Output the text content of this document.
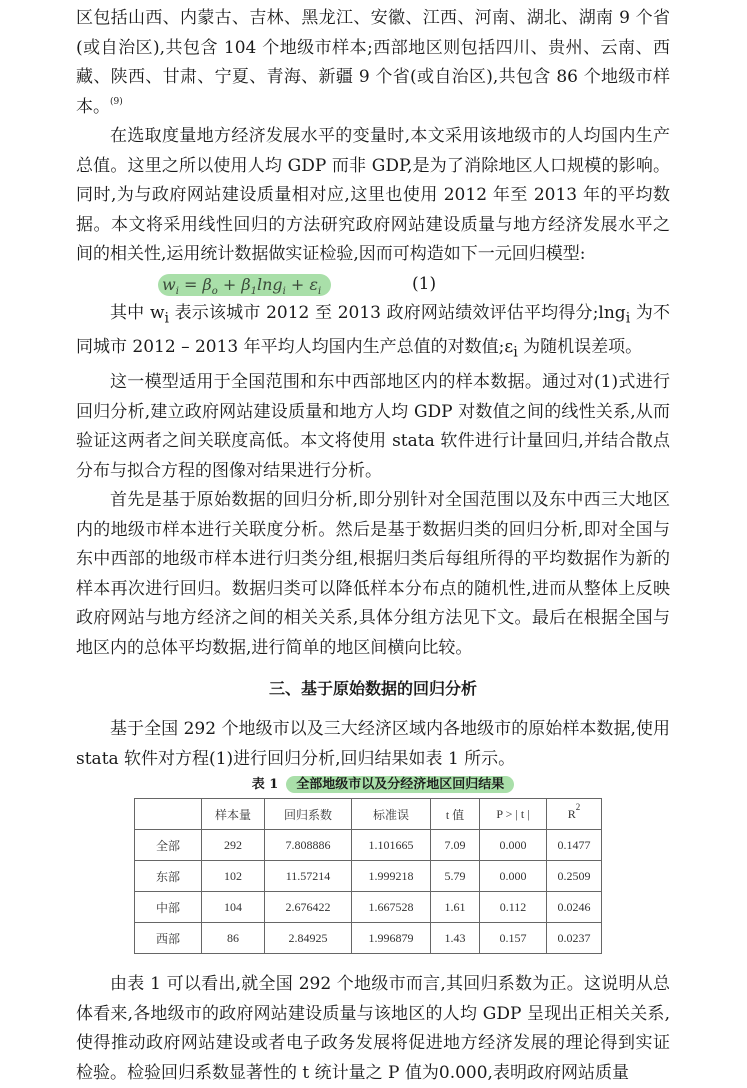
区包括山西、内蒙古、吉林、黑龙江、安徽、江西、河南、湖北、湖南 9 个省(或自治区),共包含 104 个地级市样本;西部地区则包括四川、贵州、云南、西藏、陕西、甘肃、宁夏、青海、新疆 9 个省(或自治区),共包含 86 个地级市样本。$^{(9)}$

在选取度量地方经济发展水平的变量时,本文采用该地级市的人均国内生产总值。这里之所以使用人均 GDP 而非 GDP,是为了消除地区人口规模的影响。同时,为与政府网站建设质量相对应,这里也使用 2012 年至 2013 年的平均数据。本文将采用线性回归的方法研究政府网站建设质量与地方经济发展水平之间的相关性,运用统计数据做实证检验,因而可构造如下一元回归模型:

$w_i = \beta_o + \beta_1\ln g_i + \varepsilon_i$	(1)

其中 $w_i$ 表示该城市 2012 至 2013 政府网站绩效评估平均得分;lng$_i$ 为不同城市 2012 – 2013 年平均人均国内生产总值的对数值$;\varepsilon_i$ 为随机误差项。

这一模型适用于全国范围和东中西部地区内的样本数据。通过对(1)式进行回归分析,建立政府网站建设质量和地方人均 GDP 对数值之间的线性关系,从而验证这两者之间关联度高低。本文将使用 stata 软件进行计量回归,并结合散点分布与拟合方程的图像对结果进行分析。

首先是基于原始数据的回归分析,即分别针对全国范围以及东中西三大地区内的地级市样本进行关联度分析。然后是基于数据归类的回归分析,即对全国与东中西部的地级市样本进行归类分组,根据归类后每组所得的平均数据作为新的样本再次进行回归。数据归类可以降低样本分布点的随机性,进而从整体上反映政府网站与地方经济之间的相关关系,具体分组方法见下文。最后在根据全国与地区内的总体平均数据,进行简单的地区间横向比较。

三、基于原始数据的回归分析

基于全国 292 个地级市以及三大经济区域内各地级市的原始样本数据,使用 stata 软件对方程(1)进行回归分析,回归结果如表 1 所示。

表 1 全部地级市以及分经济地区回归结果
	样本量	回归系数	标准误	t 值	P > | t |	$R^2$
全部	292	7.808886	1.101665	7.09	0.000	0.1477
东部	102	11.57214	1.999218	5.79	0.000	0.2509
中部	104	2.676422	1.667528	1.61	0.112	0.0246
西部	86	2.84925	1.996879	1.43	0.157	0.0237

由表 1 可以看出,就全国 292 个地级市而言,其回归系数为正。这说明从总体看来,各地级市的政府网站建设质量与该地区的人均 GDP 呈现出正相关关系,使得推动政府网站建设或者电子政务发展将促进地方经济发展的理论得到实证检验。检验回归系数显著性的 t 统计量之 P 值为0.000,表明政府网站质量
